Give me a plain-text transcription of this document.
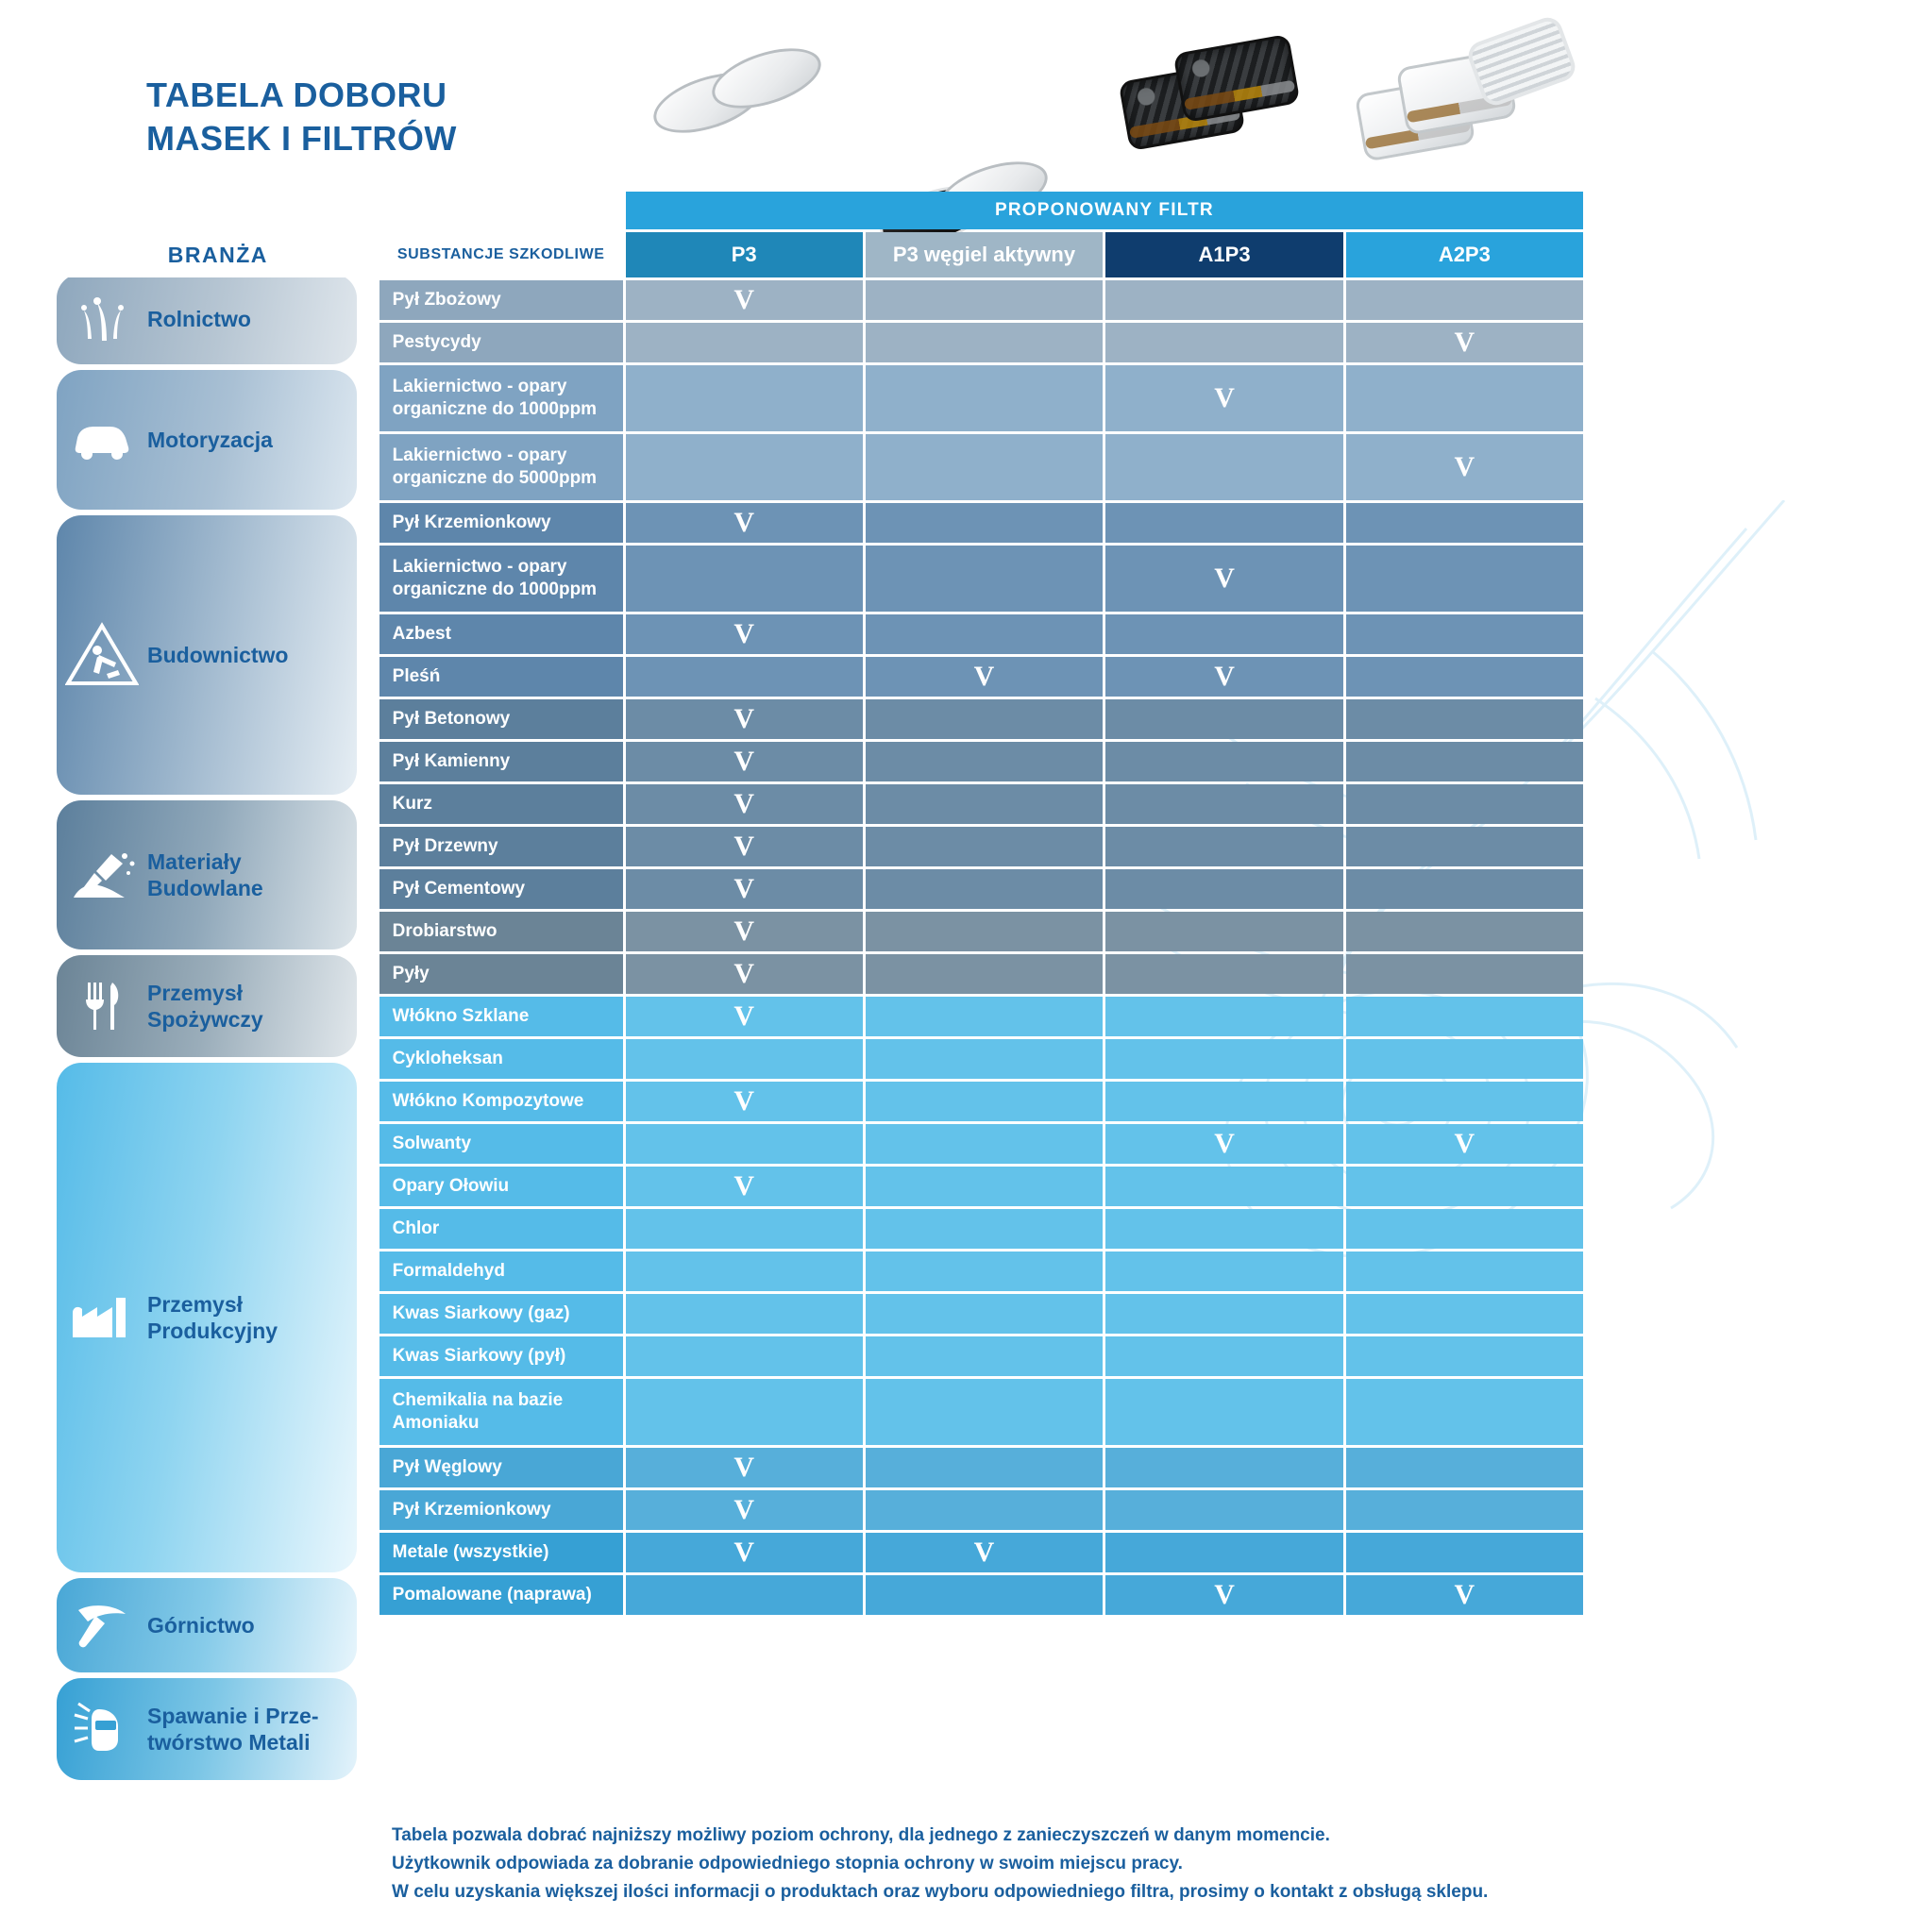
TABELA DOBORU
MASEK I FILTRÓW
Rolnictwo
Motoryzacja
Budownictwo
Materiały
Budowlane
Przemysł
Spożywczy
Przemysł
Produkcyjny
Górnictwo
Spawanie i Prze-
twórstwo Metali
		PROPONOWANY FILTR			
BRANŻA	SUBSTANCJE SZKODLIWE	P3	P3 węgiel aktywny	A1P3	A2P3
	Pył Zbożowy	V			
	Pestycydy				V
	Lakiernictwo - opary organiczne do 1000ppm			V	
	Lakiernictwo - opary organiczne do 5000ppm				V
	Pył Krzemionkowy	V			
	Lakiernictwo - opary organiczne do 1000ppm			V	
	Azbest	V			
	Pleśń		V	V	
	Pył Betonowy	V			
	Pył Kamienny	V			
	Kurz	V			
	Pył Drzewny	V			
	Pył Cementowy	V			
	Drobiarstwo	V			
	Pyły	V			
	Włókno Szklane	V			
	Cykloheksan				
	Włókno Kompozytowe	V			
	Solwanty			V	V
	Opary Ołowiu	V			
	Chlor				
	Formaldehyd				
	Kwas Siarkowy (gaz)				
	Kwas Siarkowy (pył)				
	Chemikalia na bazie Amoniaku				
	Pył Węglowy	V			
	Pył Krzemionkowy	V			
	Metale (wszystkie)	V	V		
	Pomalowane (naprawa)			V	V
Tabela pozwala dobrać najniższy możliwy poziom ochrony, dla jednego z zanieczyszczeń w danym momencie.
Użytkownik odpowiada za dobranie odpowiedniego stopnia ochrony w swoim miejscu pracy.
W celu uzyskania większej ilości informacji o produktach oraz wyboru odpowiedniego filtra, prosimy o kontakt z obsługą sklepu.
